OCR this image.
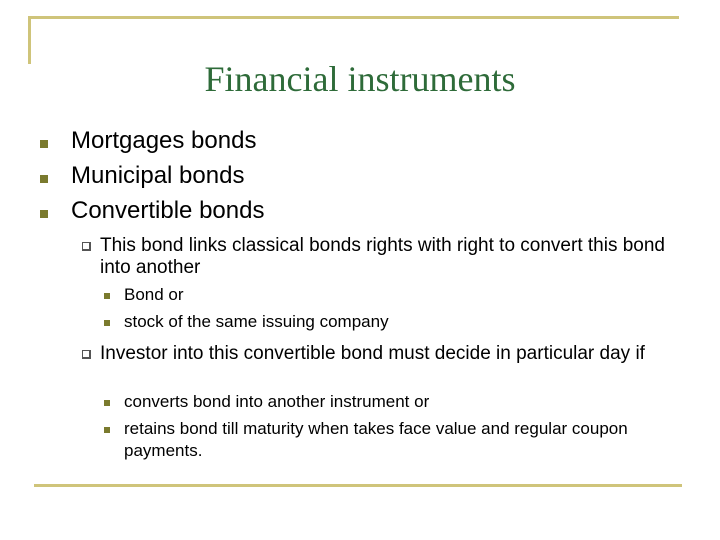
Financial instruments
Mortgages bonds
Municipal bonds
Convertible bonds
This bond links classical bonds rights with right to convert this bond into another
Bond or
stock of the same issuing company
Investor into this convertible bond must decide in particular day if
converts bond into another instrument or
retains bond till maturity when takes face value and regular coupon payments.
